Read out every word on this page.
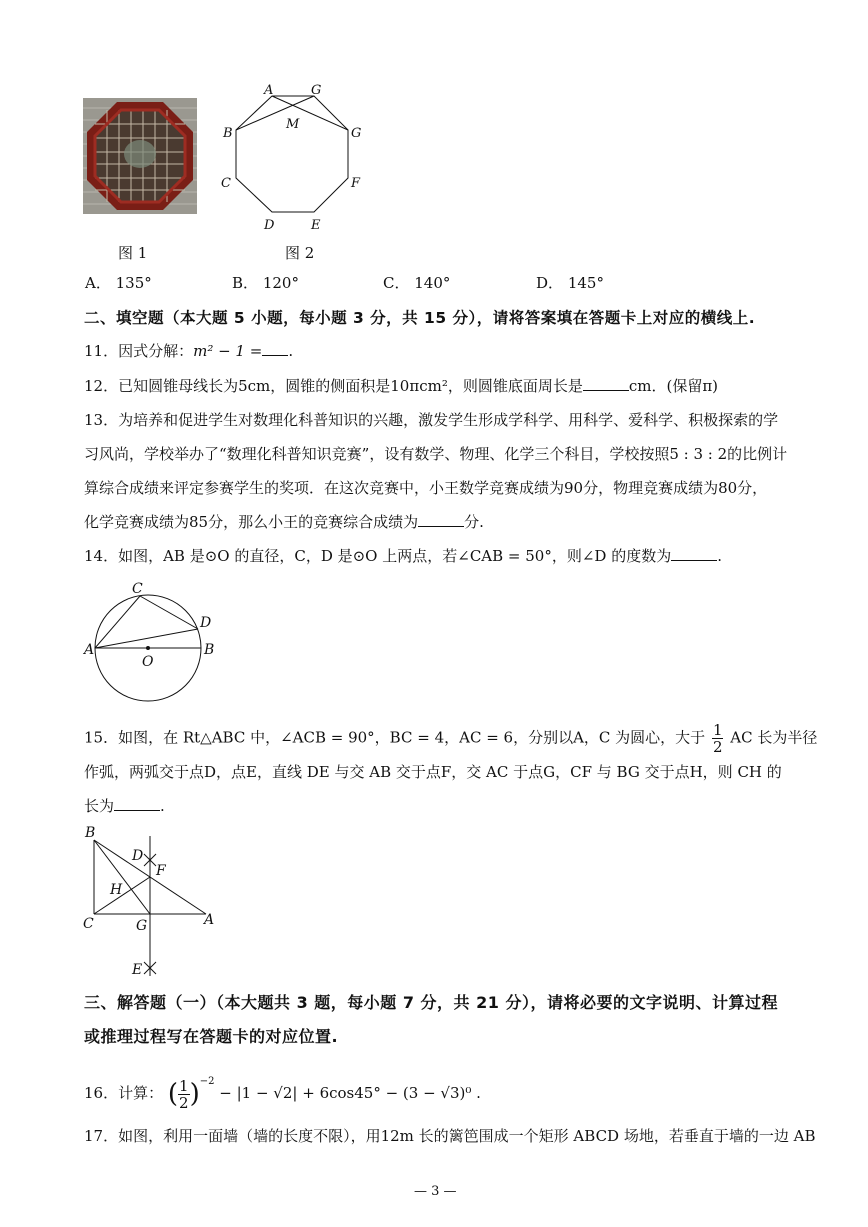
图 1
A	G
M
B	G
C	F
D	E
图 2
A． 135°	B． 120°	C． 140°	D． 145°
二、填空题（本大题 5 小题，每小题 3 分，共 15 分），请将答案填在答题卡上对应的横线上.
11．因式分解：m² − 1 = .
12．已知圆锥母线长为5cm，圆锥的侧面积是10πcm²，则圆锥底面周长是	cm．(保留π)
13．为培养和促进学生对数理化科普知识的兴趣，激发学生形成学科学、用科学、爱科学、积极探索的学
习风尚，学校举办了“数理化科普知识竞赛”，设有数学、物理、化学三个科目，学校按照5 : 3 : 2的比例计
算综合成绩来评定参赛学生的奖项．在这次竞赛中，小王数学竞赛成绩为90分，物理竞赛成绩为80分，
化学竞赛成绩为85分，那么小王的竞赛综合成绩为	分.
14．如图，AB 是⊙O 的直径，C，D 是⊙O 上两点，若∠CAB = 50°，则∠D 的度数为	.
C
D
A	B
O
15．如图，在 Rt△ABC 中，∠ACB = 90°，BC = 4，AC = 6，分别以A，C 为圆心，大于 $\frac{1}{2}$ AC 长为半径
作弧，两弧交于点D，点E，直线 DE 与交 AB 交于点F，交 AC 于点G，CF 与 BG 交于点H，则 CH 的
长为	.
B
D
F
H
C	G	A
E
三、解答题（一）（本大题共 3 题，每小题 7 分，共 21 分），请将必要的文字说明、计算过程
或推理过程写在答题卡的对应位置.
16．计算： ( $\frac{1}{2} )^{-2} - |1 - √2| + 6\cos 45^\circ - (3 - √3)^0$ .
17．如图，利用一面墙（墙的长度不限），用12m 长的篱笆围成一个矩形 ABCD 场地，若垂直于墙的一边 AB
— 3 —
